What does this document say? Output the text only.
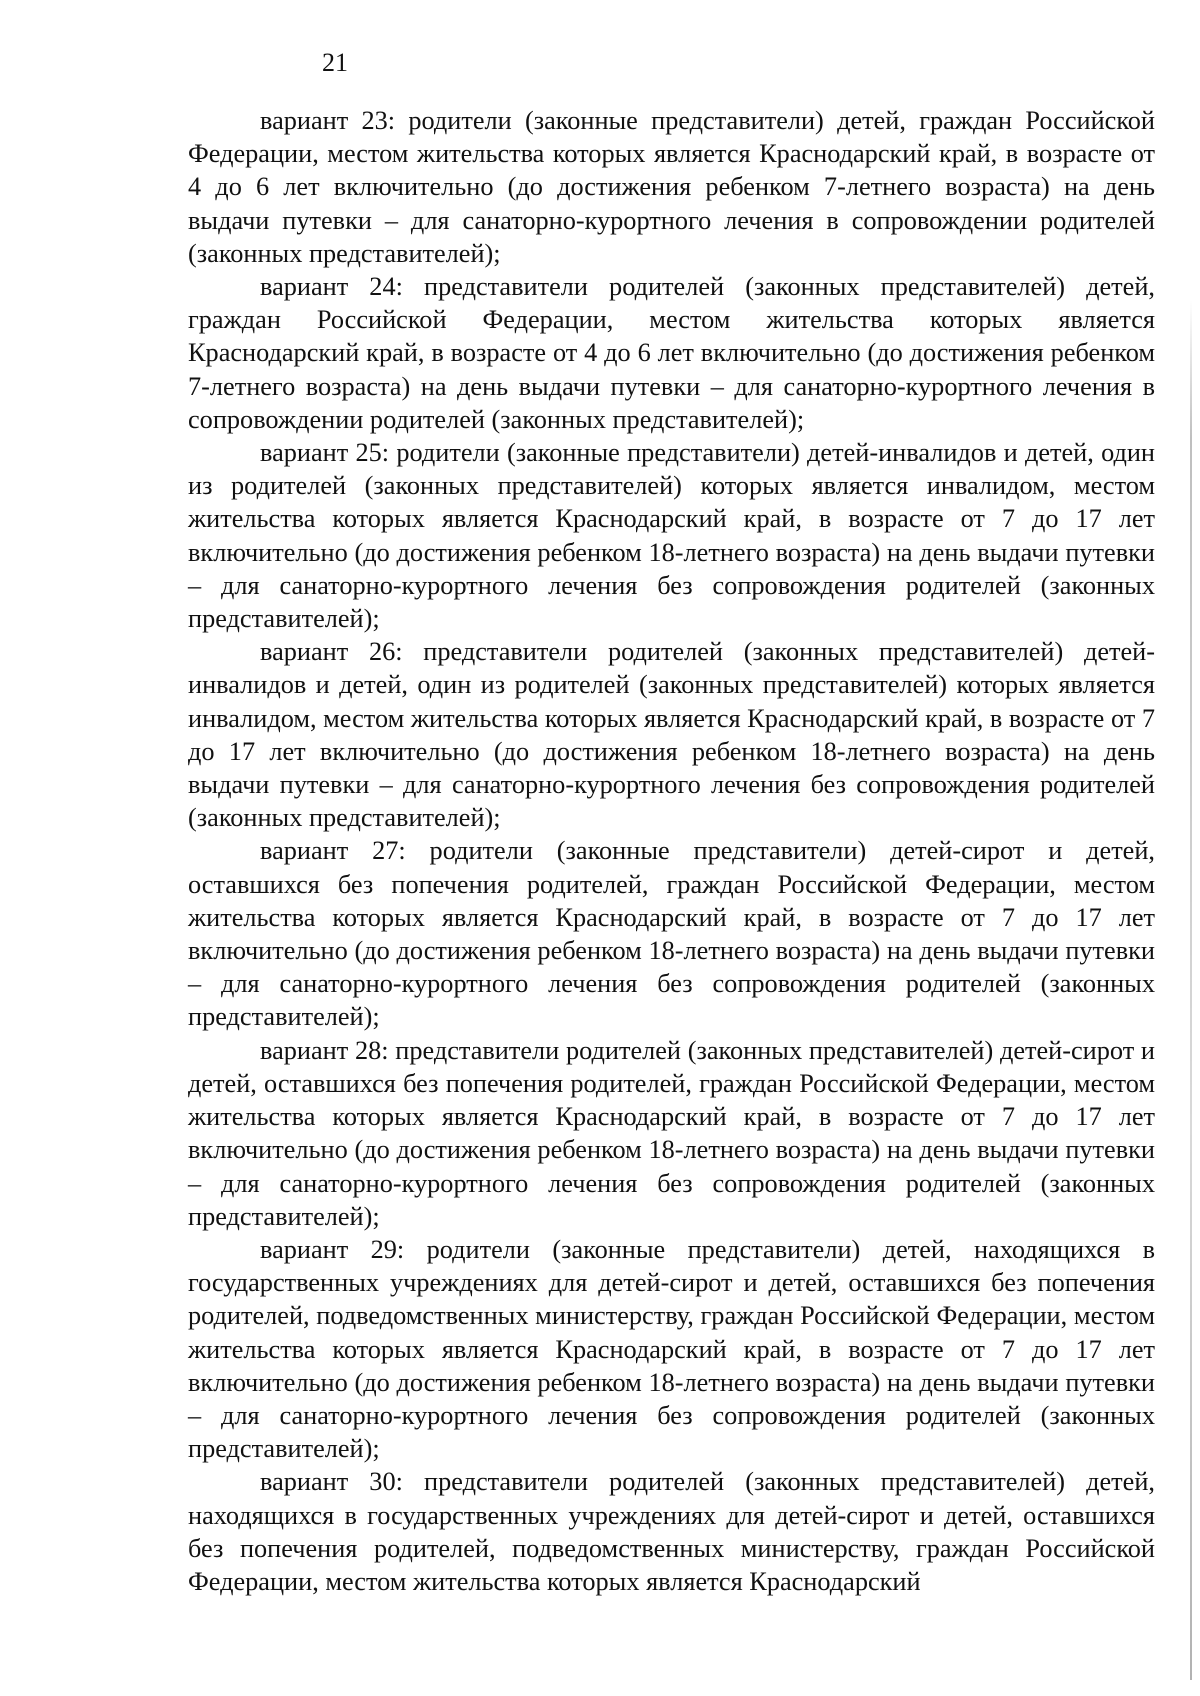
21

вариант 23: родители (законные представители) детей, граждан Российской Федерации, местом жительства которых является Краснодарский край, в возрасте от 4 до 6 лет включительно (до достижения ребенком 7-летнего возраста) на день выдачи путевки – для санаторно-курортного лечения в сопровождении родителей (законных представителей);

вариант 24: представители родителей (законных представителей) детей, граждан Российской Федерации, местом жительства которых является Краснодарский край, в возрасте от 4 до 6 лет включительно (до достижения ребенком 7-летнего возраста) на день выдачи путевки – для санаторно-курортного лечения в сопровождении родителей (законных представителей);

вариант 25: родители (законные представители) детей-инвалидов и детей, один из родителей (законных представителей) которых является инвалидом, местом жительства которых является Краснодарский край, в возрасте от 7 до 17 лет включительно (до достижения ребенком 18-летнего возраста) на день выдачи путевки – для санаторно-курортного лечения без сопровождения родителей (законных представителей);

вариант 26: представители родителей (законных представителей) детей-инвалидов и детей, один из родителей (законных представителей) которых является инвалидом, местом жительства которых является Краснодарский край, в возрасте от 7 до 17 лет включительно (до достижения ребенком 18-летнего возраста) на день выдачи путевки – для санаторно-курортного лечения без сопровождения родителей (законных представителей);

вариант 27: родители (законные представители) детей-сирот и детей, оставшихся без попечения родителей, граждан Российской Федерации, местом жительства которых является Краснодарский край, в возрасте от 7 до 17 лет включительно (до достижения ребенком 18-летнего возраста) на день выдачи путевки – для санаторно-курортного лечения без сопровождения родителей (законных представителей);

вариант 28: представители родителей (законных представителей) детей-сирот и детей, оставшихся без попечения родителей, граждан Российской Федерации, местом жительства которых является Краснодарский край, в возрасте от 7 до 17 лет включительно (до достижения ребенком 18-летнего возраста) на день выдачи путевки – для санаторно-курортного лечения без сопровождения родителей (законных представителей);

вариант 29: родители (законные представители) детей, находящихся в государственных учреждениях для детей-сирот и детей, оставшихся без попечения родителей, подведомственных министерству, граждан Российской Федерации, местом жительства которых является Краснодарский край, в возрасте от 7 до 17 лет включительно (до достижения ребенком 18-летнего возраста) на день выдачи путевки – для санаторно-курортного лечения без сопровождения родителей (законных представителей);

вариант 30: представители родителей (законных представителей) детей, находящихся в государственных учреждениях для детей-сирот и детей, оставшихся без попечения родителей, подведомственных министерству, граждан Российской Федерации, местом жительства которых является Краснодарский
